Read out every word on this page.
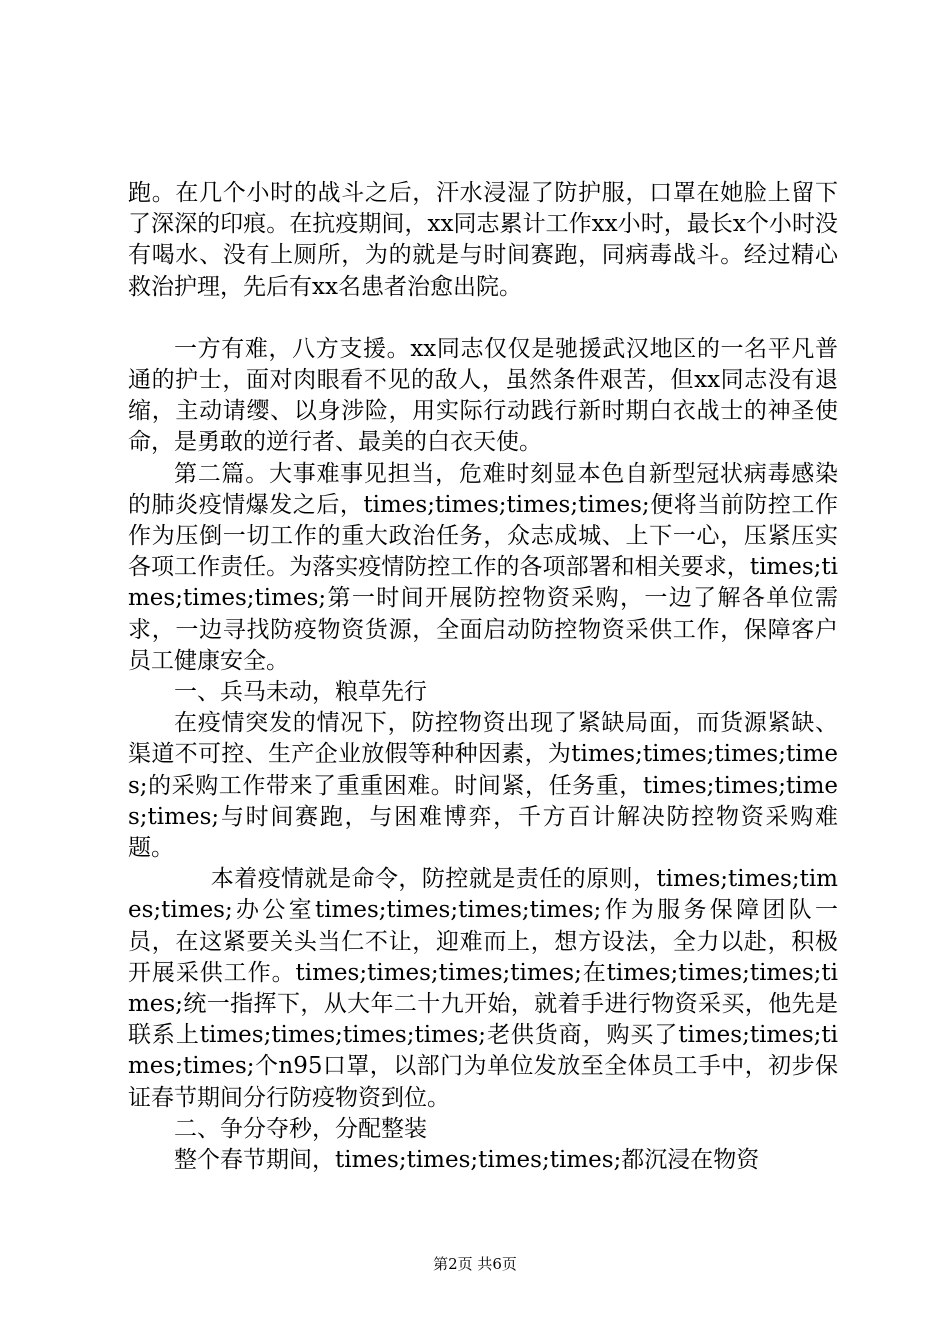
跑。在几个小时的战斗之后，汗水浸湿了防护服，口罩在她脸上留下了深深的印痕。在抗疫期间，xx同志累计工作xx小时，最长x个小时没有喝水、没有上厕所，为的就是与时间赛跑，同病毒战斗。经过精心救治护理，先后有xx名患者治愈出院。

一方有难，八方支援。xx同志仅仅是驰援武汉地区的一名平凡普通的护士，面对肉眼看不见的敌人，虽然条件艰苦，但xx同志没有退缩，主动请缨、以身涉险，用实际行动践行新时期白衣战士的神圣使命，是勇敢的逆行者、最美的白衣天使。

第二篇。大事难事见担当，危难时刻显本色自新型冠状病毒感染的肺炎疫情爆发之后，times;times;times;times;便将当前防控工作作为压倒一切工作的重大政治任务，众志成城、上下一心，压紧压实各项工作责任。为落实疫情防控工作的各项部署和相关要求，times;times;times;times;第一时间开展防控物资采购，一边了解各单位需求，一边寻找防疫物资货源，全面启动防控物资采供工作，保障客户员工健康安全。

一、兵马未动，粮草先行

在疫情突发的情况下，防控物资出现了紧缺局面，而货源紧缺、渠道不可控、生产企业放假等种种因素，为times;times;times;times;的采购工作带来了重重困难。时间紧，任务重，times;times;times;times;与时间赛跑，与困难博弈，千方百计解决防控物资采购难题。

本着疫情就是命令，防控就是责任的原则，times;times;times;times;办公室times;times;times;times;作为服务保障团队一员，在这紧要关头当仁不让，迎难而上，想方设法，全力以赴，积极开展采供工作。times;times;times;times;在times;times;times;times;统一指挥下，从大年二十九开始，就着手进行物资采买，他先是联系上times;times;times;times;老供货商，购买了times;times;times;times;个n95口罩，以部门为单位发放至全体员工手中，初步保证春节期间分行防疫物资到位。

二、争分夺秒，分配整装

整个春节期间，times;times;times;times;都沉浸在物资

第2页 共6页
